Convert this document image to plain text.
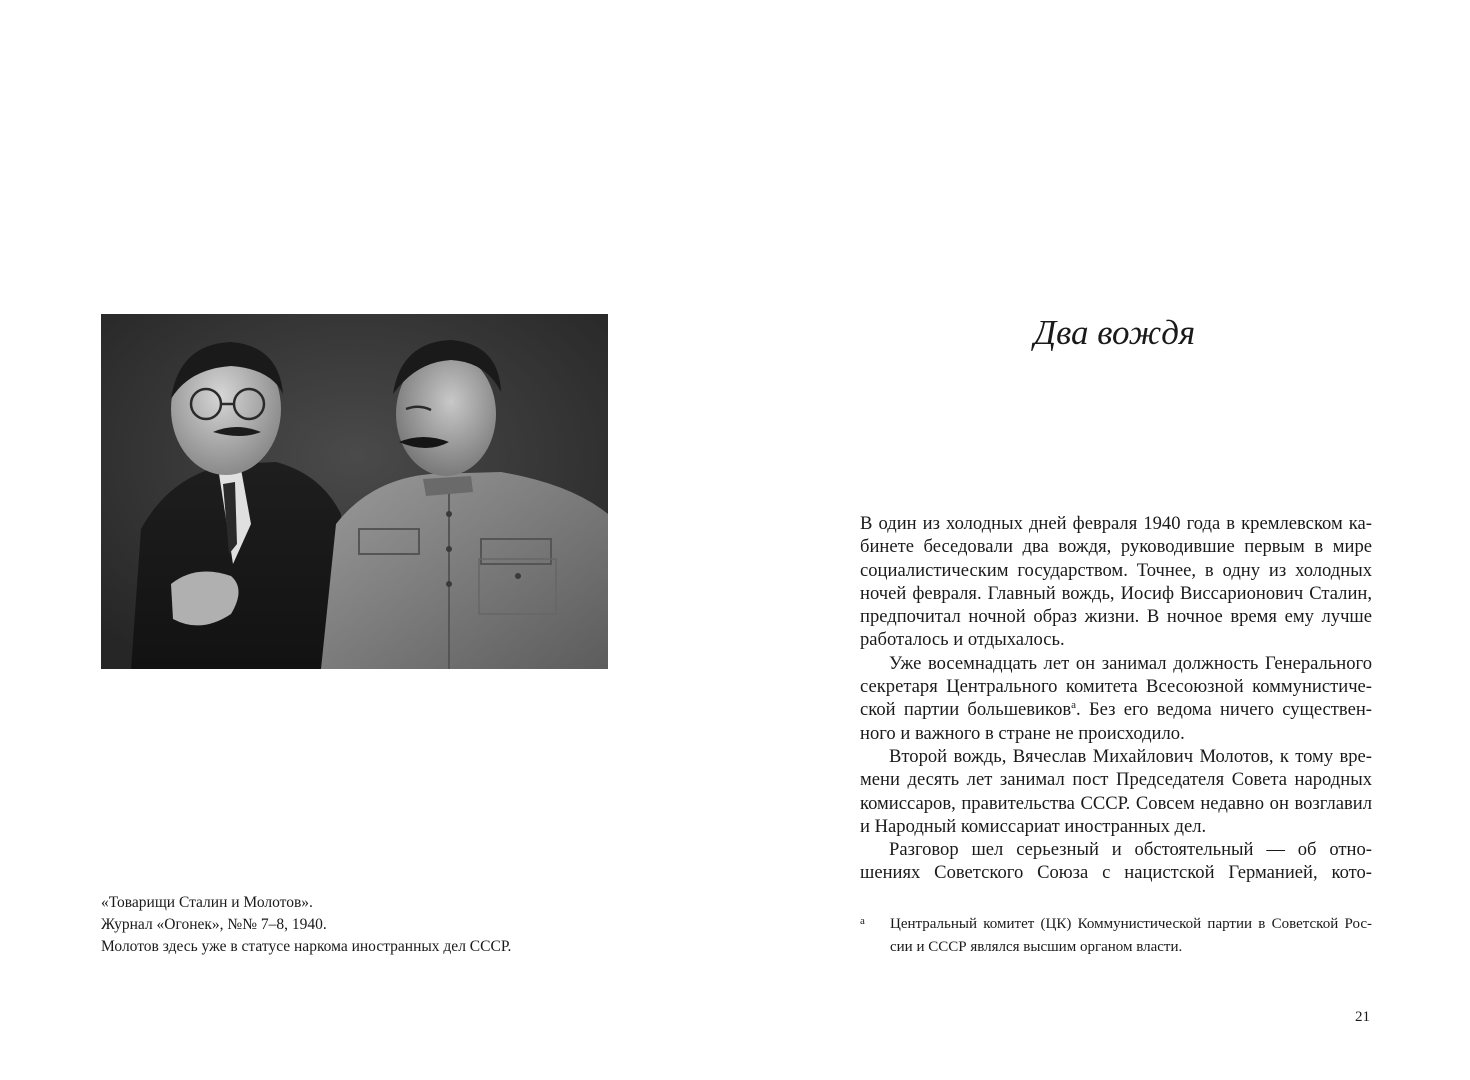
«Товарищи Сталин и Молотов».
Журнал «Огонек», №№ 7–8, 1940.
Молотов здесь уже в статусе наркома иностранных дел СССР.
Два вождя
В один из холодных дней февраля 1940 года в кремлевском ка-
бинете беседовали два вождя, руководившие первым в мире
социалистическим государством. Точнее, в одну из холодных
ночей февраля. Главный вождь, Иосиф Виссарионович Сталин,
предпочитал ночной образ жизни. В ночное время ему лучше
работалось и отдыхалось.
Уже восемнадцать лет он занимал должность Генерального
секретаря Центрального комитета Всесоюзной коммунистиче-
ской партии большевиков$^а$. Без его ведома ничего существен-
ного и важного в стране не происходило.
Второй вождь, Вячеслав Михайлович Молотов, к тому вре-
мени десять лет занимал пост Председателя Совета народных
комиссаров, правительства СССР. Совсем недавно он возглавил
и Народный комиссариат иностранных дел.
Разговор шел серьезный и обстоятельный — об отно-
шениях Советского Союза с нацистской Германией, кото-
а Центральный комитет (ЦК) Коммунистической партии в Советской Рос-
сии и СССР являлся высшим органом власти.
21
